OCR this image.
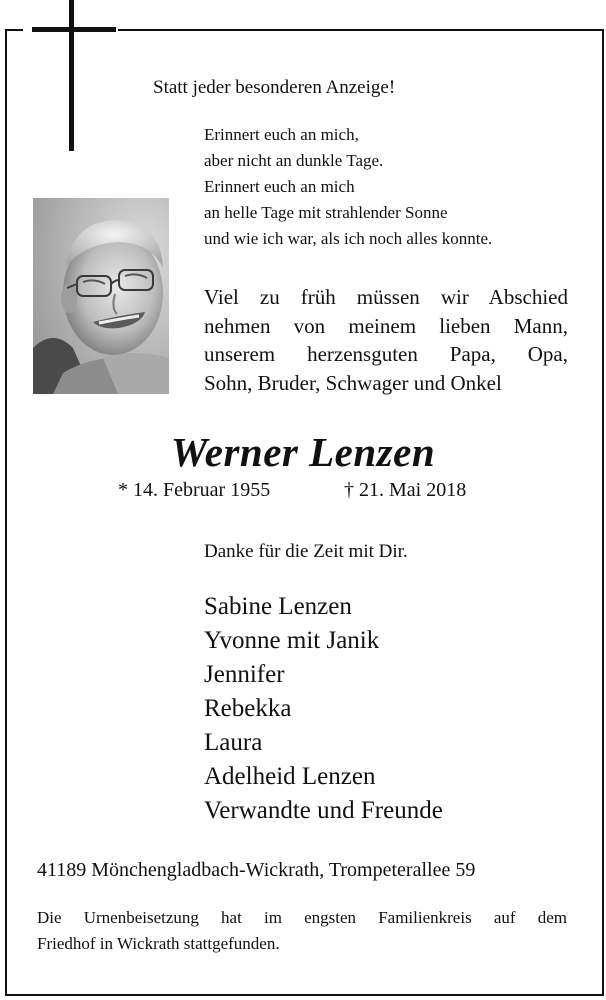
Statt jeder besonderen Anzeige!
Erinnert euch an mich,
aber nicht an dunkle Tage.
Erinnert euch an mich
an helle Tage mit strahlender Sonne
und wie ich war, als ich noch alles konnte.
Viel zu früh müssen wir Abschied
nehmen von meinem lieben Mann,
unserem herzensguten Papa, Opa,
Sohn, Bruder, Schwager und Onkel
Werner Lenzen
* 14. Februar 1955	† 21. Mai 2018
Danke für die Zeit mit Dir.
Sabine Lenzen
Yvonne mit Janik
Jennifer
Rebekka
Laura
Adelheid Lenzen
Verwandte und Freunde
41189 Mönchengladbach-Wickrath, Trompeterallee 59
Die Urnenbeisetzung hat im engsten Familienkreis auf dem
Friedhof in Wickrath stattgefunden.
